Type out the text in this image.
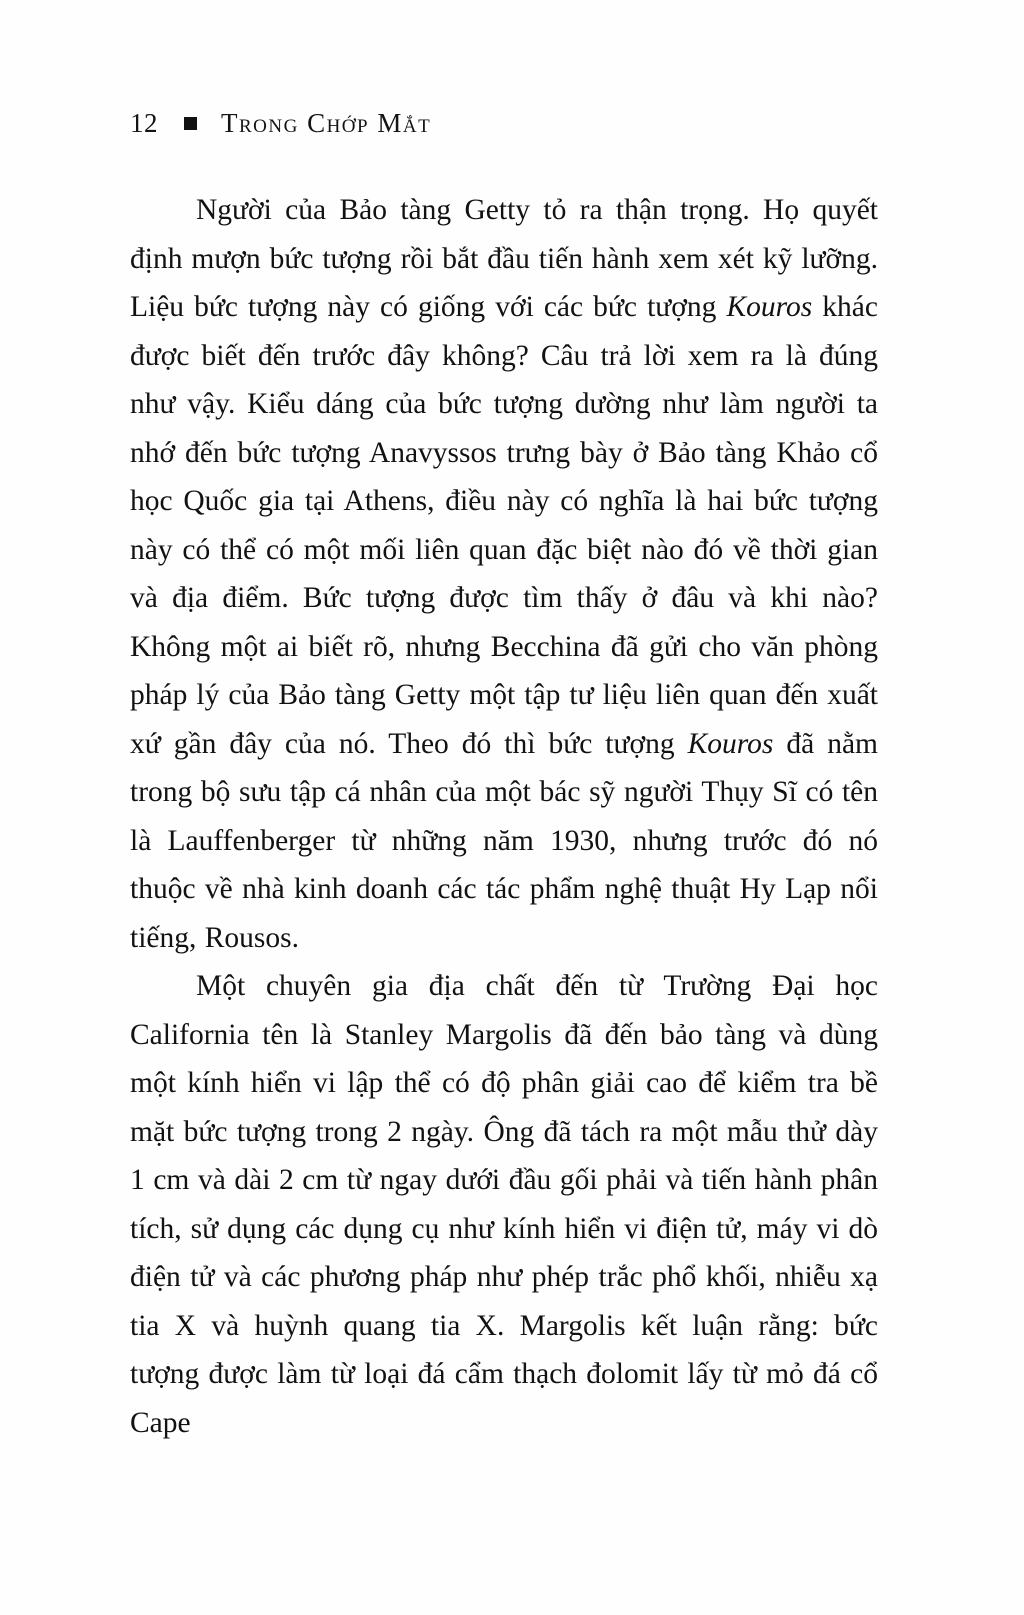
12 Trong Chớp Mắt

Người của Bảo tàng Getty tỏ ra thận trọng. Họ quyết định mượn bức tượng rồi bắt đầu tiến hành xem xét kỹ lưỡng. Liệu bức tượng này có giống với các bức tượng Kouros khác được biết đến trước đây không? Câu trả lời xem ra là đúng như vậy. Kiểu dáng của bức tượng dường như làm người ta nhớ đến bức tượng Anavyssos trưng bày ở Bảo tàng Khảo cổ học Quốc gia tại Athens, điều này có nghĩa là hai bức tượng này có thể có một mối liên quan đặc biệt nào đó về thời gian và địa điểm. Bức tượng được tìm thấy ở đâu và khi nào? Không một ai biết rõ, nhưng Becchina đã gửi cho văn phòng pháp lý của Bảo tàng Getty một tập tư liệu liên quan đến xuất xứ gần đây của nó. Theo đó thì bức tượng Kouros đã nằm trong bộ sưu tập cá nhân của một bác sỹ người Thụy Sĩ có tên là Lauffenberger từ những năm 1930, nhưng trước đó nó thuộc về nhà kinh doanh các tác phẩm nghệ thuật Hy Lạp nổi tiếng, Rousos.

Một chuyên gia địa chất đến từ Trường Đại học California tên là Stanley Margolis đã đến bảo tàng và dùng một kính hiển vi lập thể có độ phân giải cao để kiểm tra bề mặt bức tượng trong 2 ngày. Ông đã tách ra một mẫu thử dày 1 cm và dài 2 cm từ ngay dưới đầu gối phải và tiến hành phân tích, sử dụng các dụng cụ như kính hiển vi điện tử, máy vi dò điện tử và các phương pháp như phép trắc phổ khối, nhiễu xạ tia X và huỳnh quang tia X. Margolis kết luận rằng: bức tượng được làm từ loại đá cẩm thạch đolomit lấy từ mỏ đá cổ Cape
